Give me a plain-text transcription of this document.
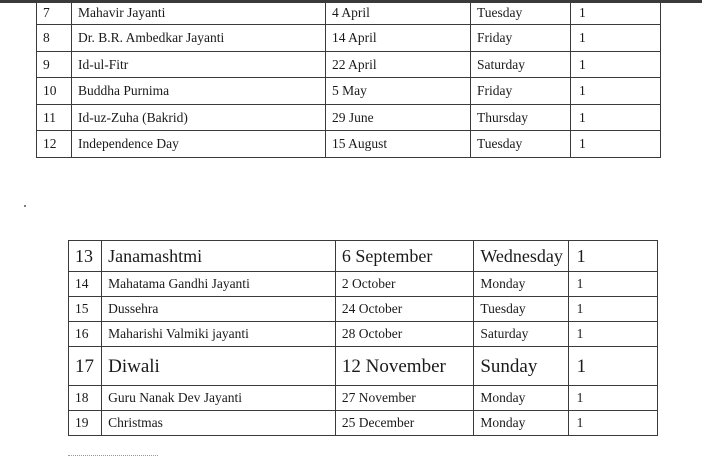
7	Mahavir Jayanti	4 April	Tuesday	1
8	Dr. B.R. Ambedkar Jayanti	14 April	Friday	1
9	Id-ul-Fitr	22 April	Saturday	1
10	Buddha Purnima	5 May	Friday	1
11	Id-uz-Zuha (Bakrid)	29 June	Thursday	1
12	Independence Day	15 August	Tuesday	1
13	Janamashtmi	6 September	Wednesday	1
14	Mahatama Gandhi Jayanti	2 October	Monday	1
15	Dussehra	24 October	Tuesday	1
16	Maharishi Valmiki jayanti	28 October	Saturday	1
17	Diwali	12 November	Sunday	1
18	Guru Nanak Dev Jayanti	27 November	Monday	1
19	Christmas	25 December	Monday	1
